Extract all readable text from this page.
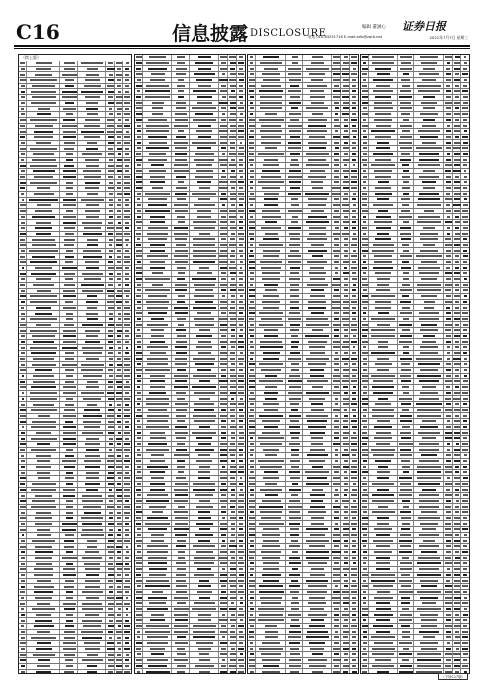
C16	信息披露 DISCLOSURE
编辑 董涵心 证券日报
电话 010-83251716 E-mail:zzlb@zqrb.net	2021年7月7日 星期三
（续上版）
（下转C17版）
